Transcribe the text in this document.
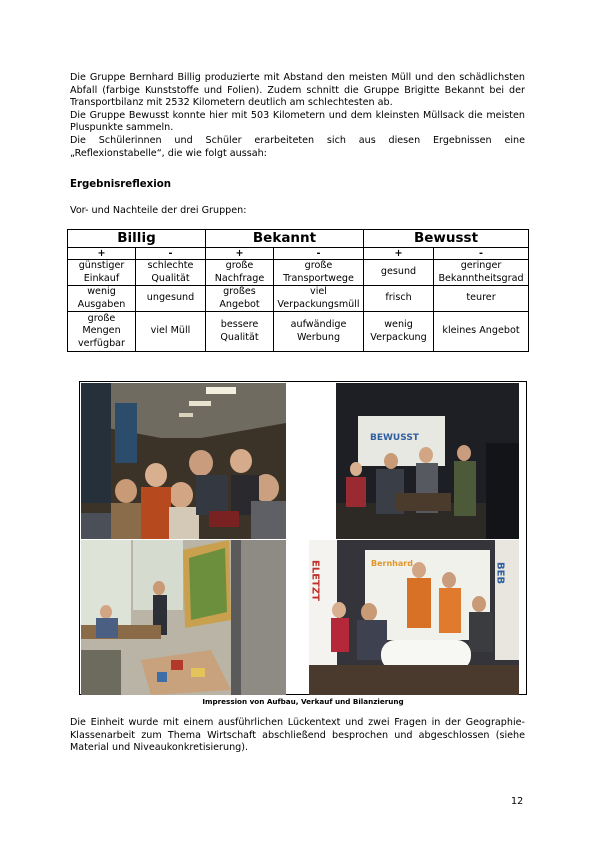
Die Gruppe Bernhard Billig produzierte mit Abstand den meisten Müll und den schädlichsten
Abfall (farbige Kunststoffe und Folien). Zudem schnitt die Gruppe Brigitte Bekannt bei der
Transportbilanz mit 2532 Kilometern deutlich am schlechtesten ab.
Die Gruppe Bewusst konnte hier mit 503 Kilometern und dem kleinsten Müllsack die meisten
Pluspunkte sammeln.
Die Schülerinnen und Schüler erarbeiteten sich aus diesen Ergebnissen eine
„Reflexionstabelle“, die wie folgt aussah:

Ergebnisreflexion

Vor- und Nachteile der drei Gruppen:

Billig		Bekannt		Bewusst	
+	-	+	-	+	-
günstiger Einkauf	schlechte Qualität	große Nachfrage	große Transportwege	gesund	geringer Bekanntheitsgrad
wenig Ausgaben	ungesund	großes Angebot	viel Verpackungsmüll	frisch	teurer
große Mengen verfügbar	viel Müll	bessere Qualität	aufwändige Werbung	wenig Verpackung	kleines Angebot
BEWUSST
ELETZT	Bernhard	BEB

Impression von Aufbau, Verkauf und Bilanzierung

Die Einheit wurde mit einem ausführlichen Lückentext und zwei Fragen in der Geographie-
Klassenarbeit zum Thema Wirtschaft abschließend besprochen und abgeschlossen (siehe
Material und Niveaukonkretisierung).

12
